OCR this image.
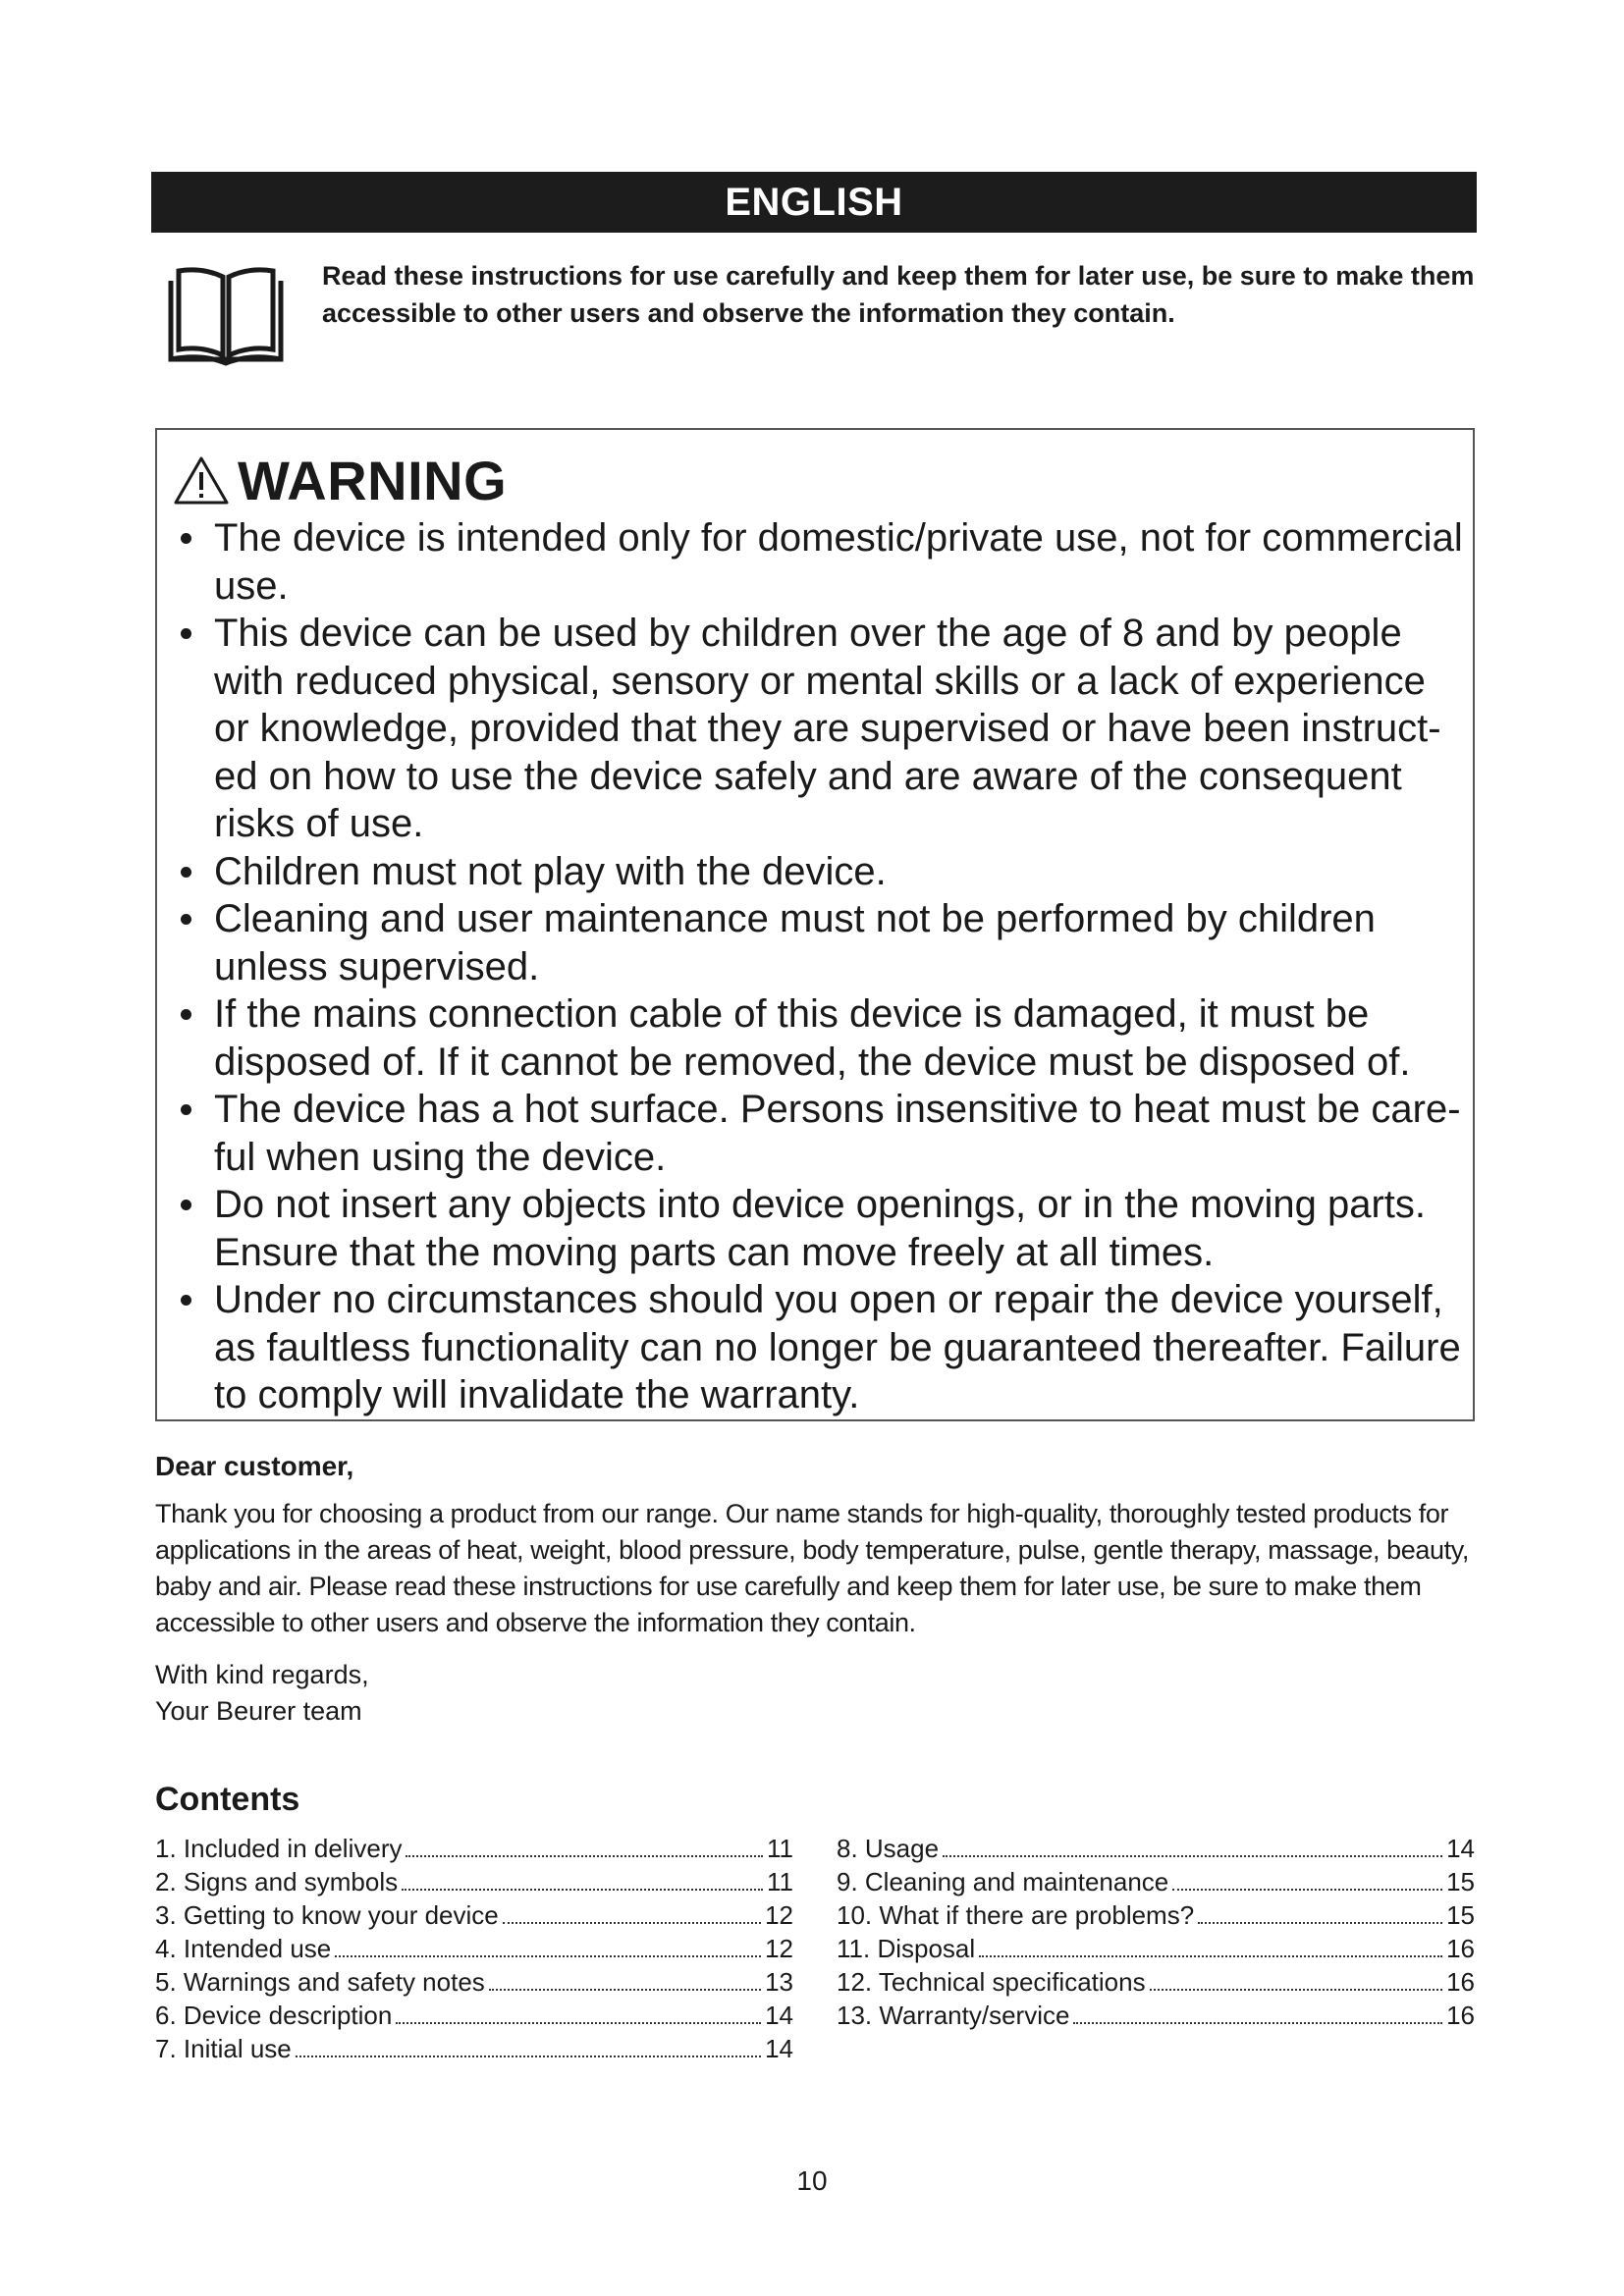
ENGLISH
Read these instructions for use carefully and keep them for later use, be sure to make them accessible to other users and observe the information they contain.
WARNING
The device is intended only for domestic/private use, not for commercial use.
This device can be used by children over the age of 8 and by people with reduced physical, sensory or mental skills or a lack of experience or knowledge, provided that they are supervised or have been instructed on how to use the device safely and are aware of the consequent risks of use.
Children must not play with the device.
Cleaning and user maintenance must not be performed by children unless supervised.
If the mains connection cable of this device is damaged, it must be disposed of. If it cannot be removed, the device must be disposed of.
The device has a hot surface. Persons insensitive to heat must be careful when using the device.
Do not insert any objects into device openings, or in the moving parts. Ensure that the moving parts can move freely at all times.
Under no circumstances should you open or repair the device yourself, as faultless functionality can no longer be guaranteed thereafter. Failure to comply will invalidate the warranty.
Dear customer,

Thank you for choosing a product from our range. Our name stands for high-quality, thoroughly tested products for applications in the areas of heat, weight, blood pressure, body temperature, pulse, gentle therapy, massage, beauty, baby and air. Please read these instructions for use carefully and keep them for later use, be sure to make them accessible to other users and observe the information they contain.

With kind regards,
Your Beurer team
Contents
1. Included in delivery	11
2. Signs and symbols	11
3. Getting to know your device	12
4. Intended use	12
5. Warnings and safety notes	13
6. Device description	14
7. Initial use	14
8. Usage	14
9. Cleaning and maintenance	15
10. What if there are problems?	15
11. Disposal	16
12. Technical specifications	16
13. Warranty/service	16
10
